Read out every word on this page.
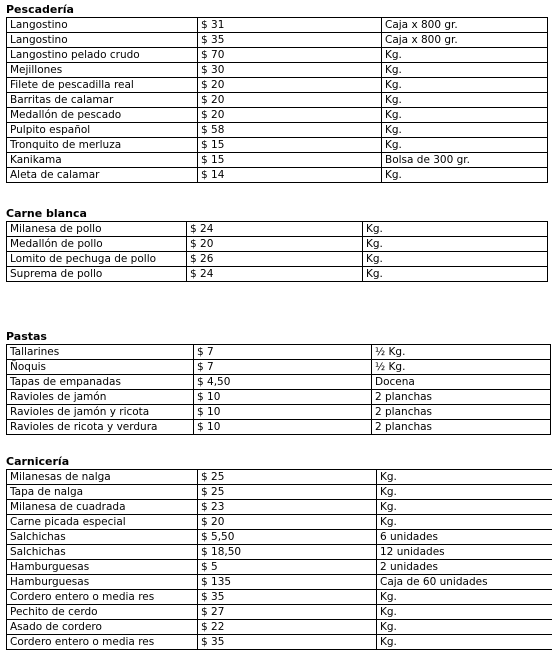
Pescadería
Langostino	$ 31	Caja x 800 gr.
Langostino	$ 35	Caja x 800 gr.
Langostino pelado crudo	$ 70	Kg.
Mejillones	$ 30	Kg.
Filete de pescadilla real	$ 20	Kg.
Barritas de calamar	$ 20	Kg.
Medallón de pescado	$ 20	Kg.
Pulpito español	$ 58	Kg.
Tronquito de merluza	$ 15	Kg.
Kanikama	$ 15	Bolsa de 300 gr.
Aleta de calamar	$ 14	Kg.
Carne blanca
Milanesa de pollo	$ 24	Kg.
Medallón de pollo	$ 20	Kg.
Lomito de pechuga de pollo	$ 26	Kg.
Suprema de pollo	$ 24	Kg.
Pastas
Tallarines	$ 7	½ Kg.
Ñoquis	$ 7	½ Kg.
Tapas de empanadas	$ 4,50	Docena
Ravioles de jamón	$ 10	2 planchas
Ravioles de jamón y ricota	$ 10	2 planchas
Ravioles de ricota y verdura	$ 10	2 planchas
Carnicería
Milanesas de nalga	$ 25	Kg.
Tapa de nalga	$ 25	Kg.
Milanesa de cuadrada	$ 23	Kg.
Carne picada especial	$ 20	Kg.
Salchichas	$ 5,50	6 unidades
Salchichas	$ 18,50	12 unidades
Hamburguesas	$ 5	2 unidades
Hamburguesas	$ 135	Caja de 60 unidades
Cordero entero o media res	$ 35	Kg.
Pechito de cerdo	$ 27	Kg.
Asado de cordero	$ 22	Kg.
Cordero entero o media res	$ 35	Kg.
